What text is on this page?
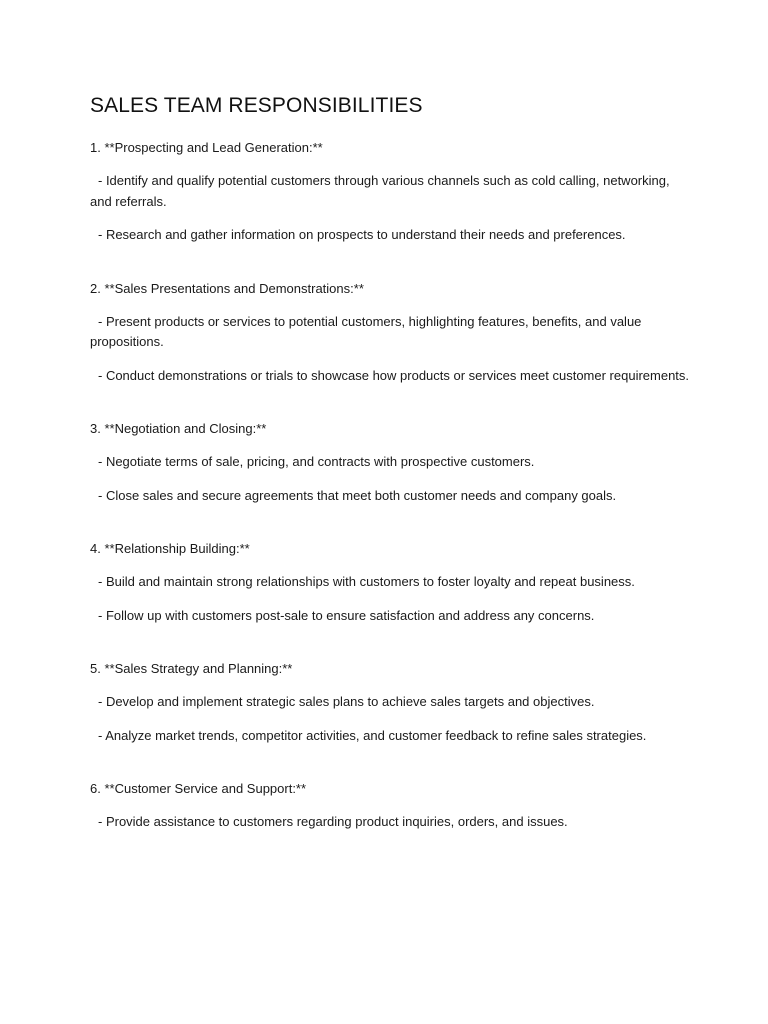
SALES TEAM RESPONSIBILITIES
1. **Prospecting and Lead Generation:**
- Identify and qualify potential customers through various channels such as cold calling, networking, and referrals.
- Research and gather information on prospects to understand their needs and preferences.
2. **Sales Presentations and Demonstrations:**
- Present products or services to potential customers, highlighting features, benefits, and value propositions.
- Conduct demonstrations or trials to showcase how products or services meet customer requirements.
3. **Negotiation and Closing:**
- Negotiate terms of sale, pricing, and contracts with prospective customers.
- Close sales and secure agreements that meet both customer needs and company goals.
4. **Relationship Building:**
- Build and maintain strong relationships with customers to foster loyalty and repeat business.
- Follow up with customers post-sale to ensure satisfaction and address any concerns.
5. **Sales Strategy and Planning:**
- Develop and implement strategic sales plans to achieve sales targets and objectives.
- Analyze market trends, competitor activities, and customer feedback to refine sales strategies.
6. **Customer Service and Support:**
- Provide assistance to customers regarding product inquiries, orders, and issues.
